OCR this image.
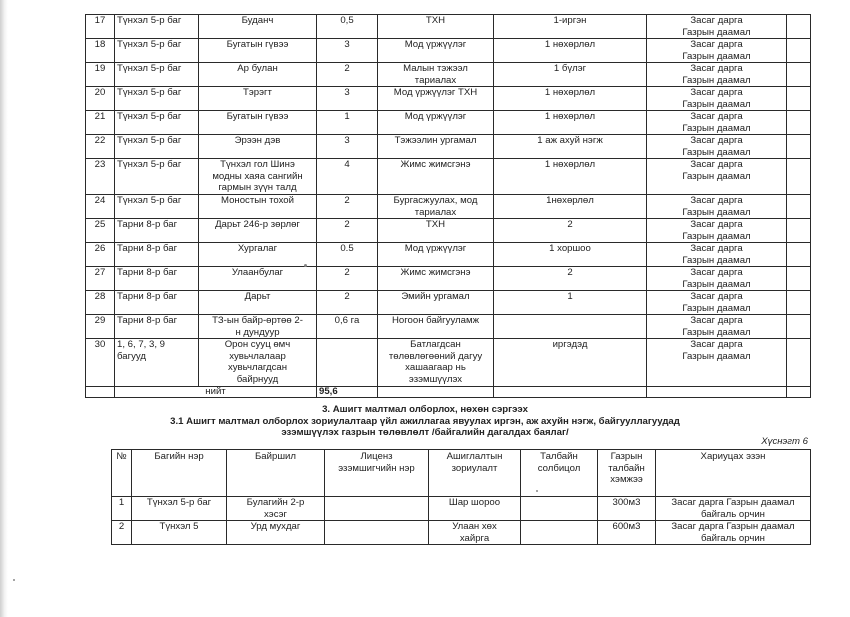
17	Түнхэл 5-р баг	Буданч	0,5	ТХН	1-иргэн	Засаг дарга
Газрын даамал	
18	Түнхэл 5-р баг	Бугатын гүвээ	3	Мод үржүүлэг	1 нөхөрлөл	Засаг дарга
Газрын даамал	
19	Түнхэл 5-р баг	Ар булан	2	Малын тэжээл
тариалах	1 бүлэг	Засаг дарга
Газрын даамал	
20	Түнхэл 5-р баг	Тэрэгт	3	Мод үржүүлэг ТХН	1 нөхөрлөл	Засаг дарга
Газрын даамал	
21	Түнхэл 5-р баг	Бугатын гүвээ	1	Мод үржүүлэг	1 нөхөрлөл	Засаг дарга
Газрын даамал	
22	Түнхэл 5-р баг	Эрээн дэв	3	Тэжээлин ургамал	1 аж ахуй нэгж	Засаг дарга
Газрын даамал	
23	Түнхэл 5-р баг	Түнхэл гол Шинэ
модны хаяа сангийн
гармын зүүн талд	4	Жимс жимсгэнэ	1 нөхөрлөл	Засаг дарга
Газрын даамал	
24	Түнхэл 5-р баг	Моностын тохой	2	Бургасжуулах, мод
тариалах	1нөхөрлөл	Засаг дарга
Газрын даамал	
25	Тарни 8-р баг	Дарьт 246-р зөрлөг	2	ТХН	2	Засаг дарга
Газрын даамал	
26	Тарни 8-р баг	Хургалаг	0.5	Мод үржүүлэг	1 хоршоо	Засаг дарга
Газрын даамал	
27	Тарни 8-р баг	Улаанбулаг	2	Жимс жимсгэнэ	2	Засаг дарга
Газрын даамал	
28	Тарни 8-р баг	Дарьт	2	Эмийн ургамал	1	Засаг дарга
Газрын даамал	
29	Тарни 8-р баг	ТЗ-ын байр-өртөө 2-
н дундуур	0,6 га	Ногоон байгууламж		Засаг дарга
Газрын даамал	
30	1, 6, 7, 3, 9
багууд	Орон сууц өмч
хувьчлалаар
хувьчлагдсан
байрнууд		Батлагдсан
төлөвлөгөөний дагуу
хашаагаар нь
эзэмшүүлэх	иргэдэд	Засаг дарга
Газрын даамал	
	нийт		95,6				
3. Ашигт малтмал олборлох, нөхөн сэргээх
3.1 Ашигт малтмал олборлох зориулалтаар үйл ажиллагаа явуулах иргэн, аж ахуйн нэгж, байгууллагуудад
эзэмшүүлэх газрын төлөвлөлт /байгалийн дагалдах баялаг/
Хүснэгт 6
№	Багийн нэр	Байршил	Лиценз
эзэмшигчийн нэр	Ашиглалтын
зориулалт	Талбайн
солбицол	Газрын
талбайн
хэмжээ	Хариуцах эзэн
1	Түнхэл 5-р баг	Булагийн 2-р
хэсэг		Шар шороо		300м3	Засаг дарга Газрын даамал
байгаль орчин
2	Түнхэл 5	Урд мухдаг		Улаан хөх
хайрга		600м3	Засаг дарга Газрын даамал
байгаль орчин
